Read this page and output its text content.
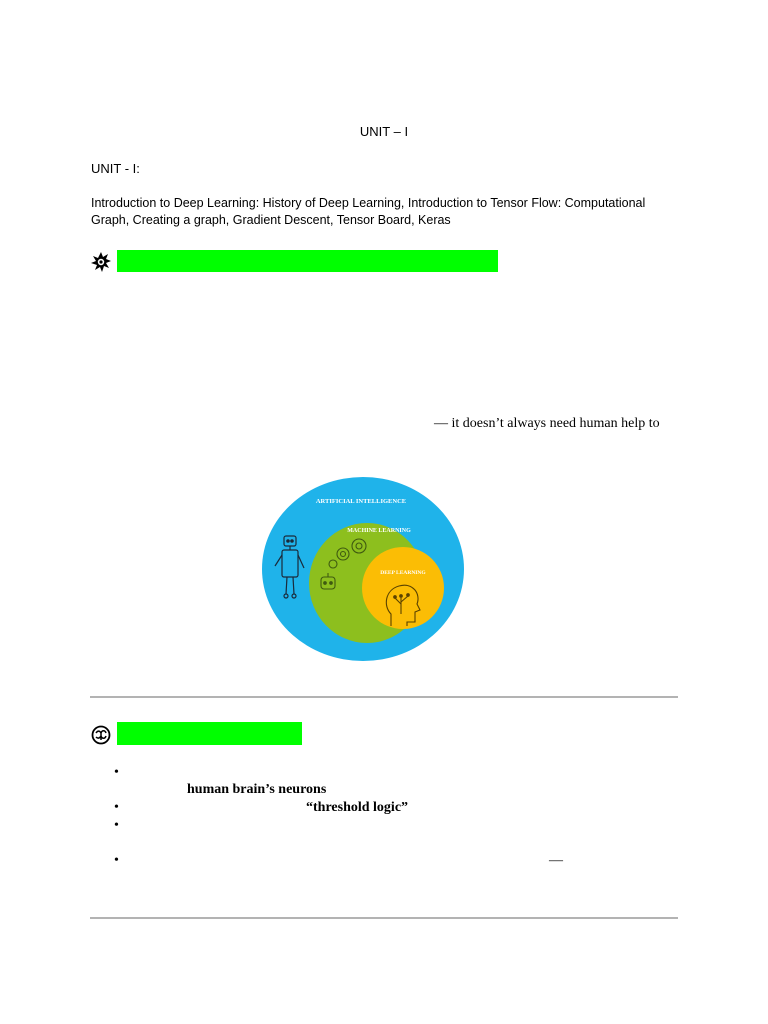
UNIT – I
UNIT - I:
Introduction to Deep Learning: History of Deep Learning, Introduction to Tensor Flow: Computational Graph, Creating a graph, Gradient Descent, Tensor Board, Keras
— it doesn’t always need human help to
ARTIFICIAL INTELLIGENCE
MACHINE LEARNING
DEEP LEARNING
•
human brain’s neurons
•	“threshold logic”
•
•	—
